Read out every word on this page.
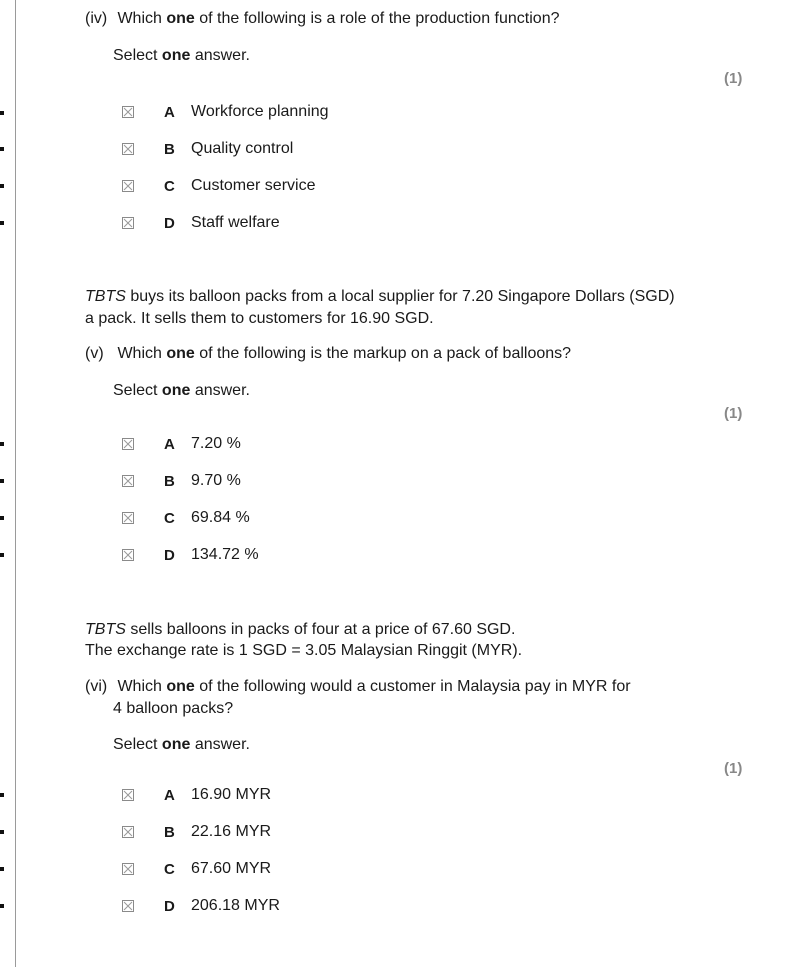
(iv) Which one of the following is a role of the production function?
Select one answer.
(1)
A Workforce planning
B Quality control
C Customer service
D Staff welfare
TBTS buys its balloon packs from a local supplier for 7.20 Singapore Dollars (SGD)
a pack. It sells them to customers for 16.90 SGD.
(v) Which one of the following is the markup on a pack of balloons?
Select one answer.
(1)
A 7.20 %
B 9.70 %
C 69.84 %
D 134.72 %
TBTS sells balloons in packs of four at a price of 67.60 SGD.
The exchange rate is 1 SGD = 3.05 Malaysian Ringgit (MYR).
(vi) Which one of the following would a customer in Malaysia pay in MYR for
4 balloon packs?
Select one answer.
(1)
A 16.90 MYR
B 22.16 MYR
C 67.60 MYR
D 206.18 MYR
